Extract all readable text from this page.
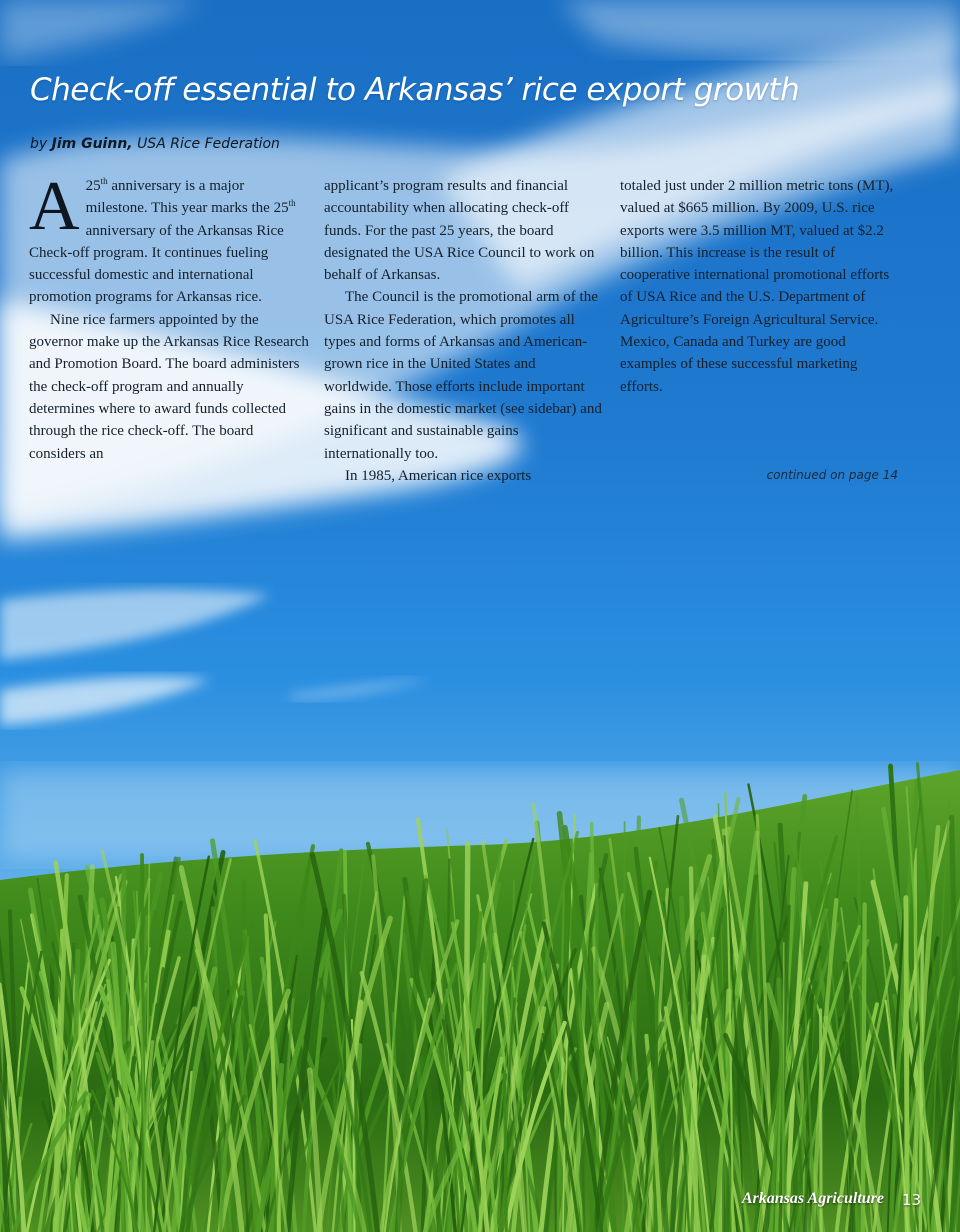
Check-off essential to Arkansas’ rice export growth
by Jim Guinn, USA Rice Federation

A 25th anniversary is a major milestone. This year marks the 25th anniversary of the Arkansas Rice Check-off program. It continues fueling successful domestic and international promotion programs for Arkansas rice.

Nine rice farmers appointed by the governor make up the Arkansas Rice Research and Promotion Board. The board administers the check-off program and annually determines where to award funds collected through the rice check-off. The board considers an

applicant’s program results and financial accountability when allocating check-off funds. For the past 25 years, the board designated the USA Rice Council to work on behalf of Arkansas.

The Council is the promotional arm of the USA Rice Federation, which promotes all types and forms of Arkansas and American-grown rice in the United States and worldwide. Those efforts include important gains in the domestic market (see sidebar) and significant and sustainable gains internationally too.

In 1985, American rice exports

totaled just under 2 million metric tons (MT), valued at $665 million. By 2009, U.S. rice exports were 3.5 million MT, valued at $2.2 billion. This increase is the result of cooperative international promotional efforts of USA Rice and the U.S. Department of Agriculture’s Foreign Agricultural Service. Mexico, Canada and Turkey are good examples of these successful marketing efforts.

continued on page 14
Arkansas Agriculture 13
